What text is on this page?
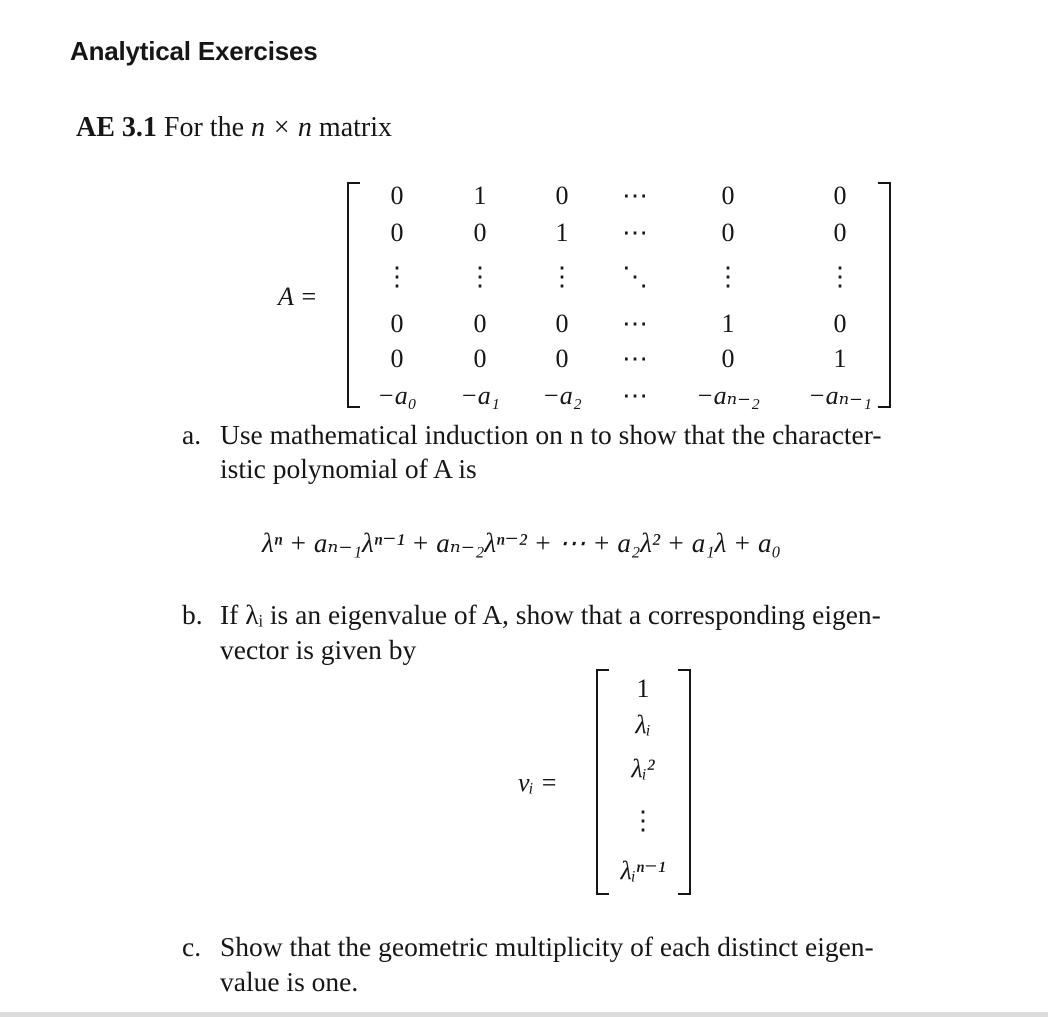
Analytical Exercises
AE 3.1 For the n × n matrix
A =
0	1	0	⋯	0	0
0	0	1	⋯	0	0
⋮	⋮	⋮	⋱	⋮	⋮
0	0	0	⋯	1	0
0	0	0	⋯	0	1
−a₀	−a₁	−a₂	⋯	−aₙ₋₂	−aₙ₋₁
a. Use mathematical induction on n to show that the character-
istic polynomial of A is
λⁿ + aₙ₋₁λⁿ⁻¹ + aₙ₋₂λⁿ⁻² + ⋯ + a₂λ² + a₁λ + a₀
b. If λᵢ is an eigenvalue of A, show that a corresponding eigen-
vector is given by
vᵢ =
1
λᵢ
λᵢ²
⋮
λᵢⁿ⁻¹
c. Show that the geometric multiplicity of each distinct eigen-
value is one.
